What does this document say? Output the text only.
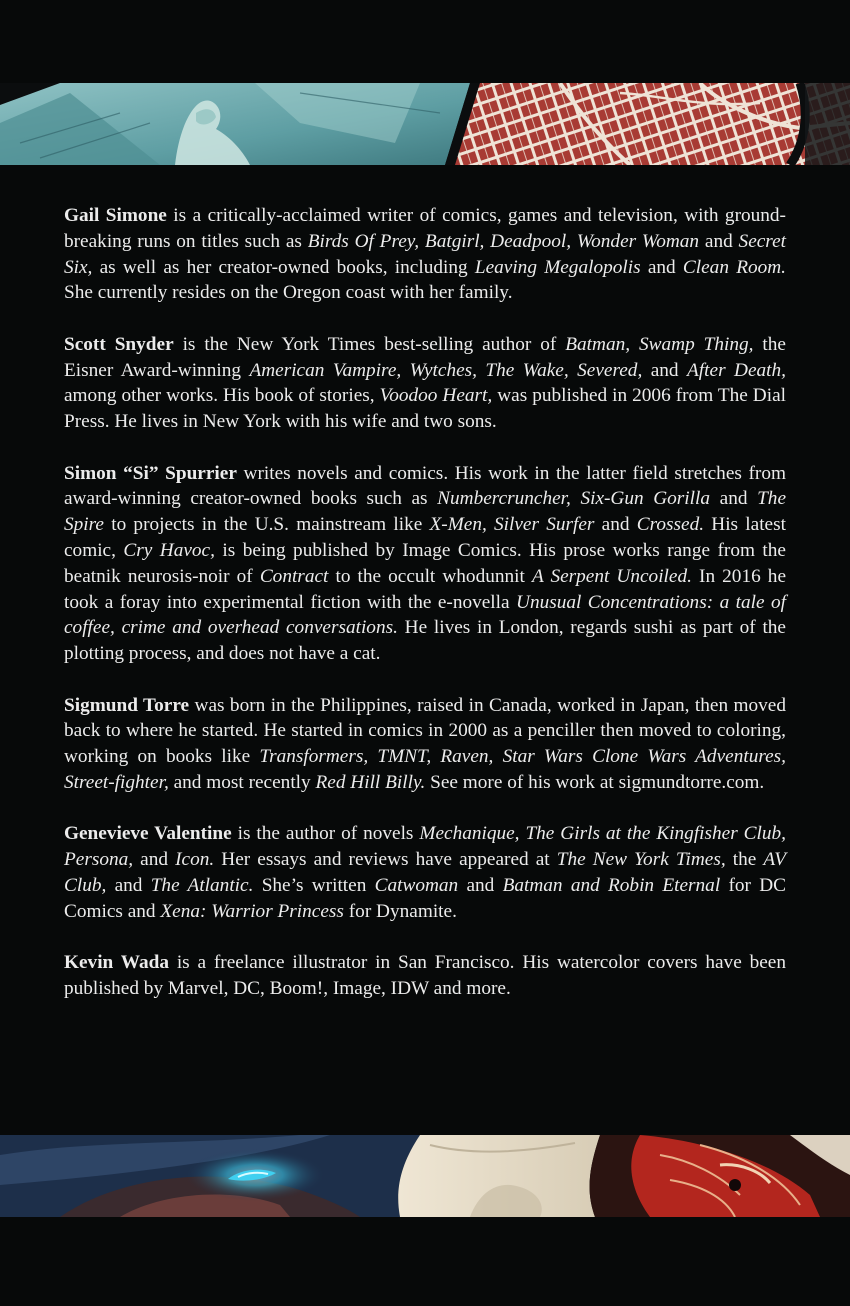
Gail Simone is a critically-acclaimed writer of comics, games and television, with ground-breaking runs on titles such as Birds Of Prey, Batgirl, Deadpool, Wonder Woman and Secret Six, as well as her creator-owned books, including Leaving Megalopolis and Clean Room. She currently resides on the Oregon coast with her family.

Scott Snyder is the New York Times best-selling author of Batman, Swamp Thing, the Eisner Award-winning American Vampire, Wytches, The Wake, Severed, and After Death, among other works. His book of stories, Voodoo Heart, was published in 2006 from The Dial Press. He lives in New York with his wife and two sons.

Simon “Si” Spurrier writes novels and comics. His work in the latter field stretches from award-winning creator-owned books such as Numbercruncher, Six-Gun Gorilla and The Spire to projects in the U.S. mainstream like X-Men, Silver Surfer and Crossed. His latest comic, Cry Havoc, is being published by Image Comics. His prose works range from the beatnik neurosis-noir of Contract to the occult whodunnit A Serpent Uncoiled. In 2016 he took a foray into experimental fiction with the e-novella Unusual Concentrations: a tale of coffee, crime and overhead conversations. He lives in London, regards sushi as part of the plotting process, and does not have a cat.

Sigmund Torre was born in the Philippines, raised in Canada, worked in Japan, then moved back to where he started. He started in comics in 2000 as a penciller then moved to coloring, working on books like Transformers, TMNT, Raven, Star Wars Clone Wars Adventures, Street-fighter, and most recently Red Hill Billy. See more of his work at sigmundtorre.com.

Genevieve Valentine is the author of novels Mechanique, The Girls at the Kingfisher Club, Persona, and Icon. Her essays and reviews have appeared at The New York Times, the AV Club, and The Atlantic. She’s written Catwoman and Batman and Robin Eternal for DC Comics and Xena: Warrior Princess for Dynamite.

Kevin Wada is a freelance illustrator in San Francisco. His watercolor covers have been published by Marvel, DC, Boom!, Image, IDW and more.
